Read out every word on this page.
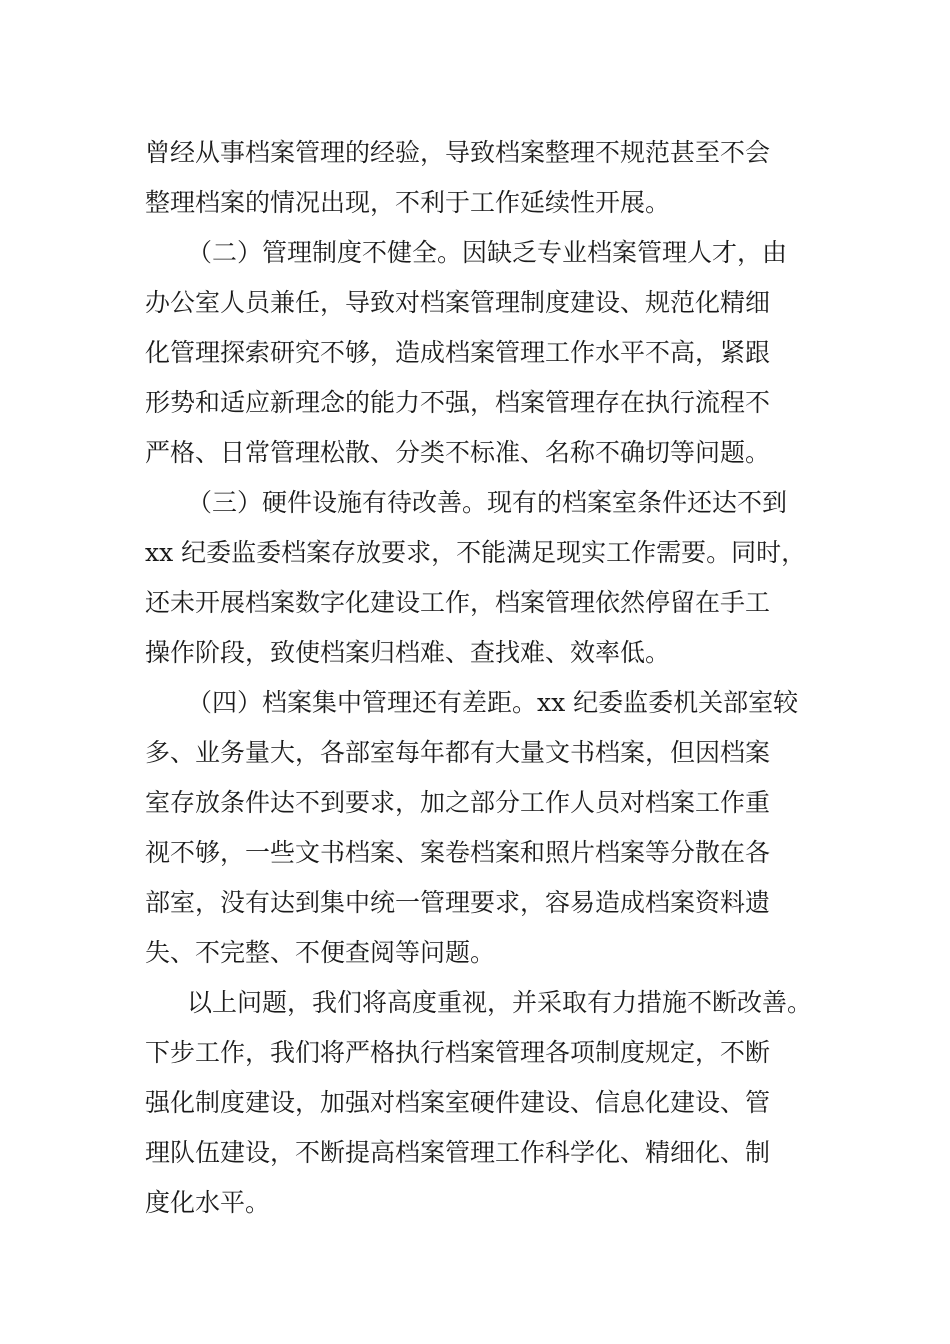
曾经从事档案管理的经验，导致档案整理不规范甚至不会
整理档案的情况出现，不利于工作延续性开展。
（二）管理制度不健全。因缺乏专业档案管理人才，由
办公室人员兼任，导致对档案管理制度建设、规范化精细
化管理探索研究不够，造成档案管理工作水平不高，紧跟
形势和适应新理念的能力不强，档案管理存在执行流程不
严格、日常管理松散、分类不标准、名称不确切等问题。
（三）硬件设施有待改善。现有的档案室条件还达不到
xx 纪委监委档案存放要求，不能满足现实工作需要。同时，
还未开展档案数字化建设工作，档案管理依然停留在手工
操作阶段，致使档案归档难、查找难、效率低。
（四）档案集中管理还有差距。xx 纪委监委机关部室较
多、业务量大，各部室每年都有大量文书档案，但因档案
室存放条件达不到要求，加之部分工作人员对档案工作重
视不够，一些文书档案、案卷档案和照片档案等分散在各
部室，没有达到集中统一管理要求，容易造成档案资料遗
失、不完整、不便查阅等问题。
以上问题，我们将高度重视，并采取有力措施不断改善。
下步工作，我们将严格执行档案管理各项制度规定，不断
强化制度建设，加强对档案室硬件建设、信息化建设、管
理队伍建设，不断提高档案管理工作科学化、精细化、制
度化水平。
